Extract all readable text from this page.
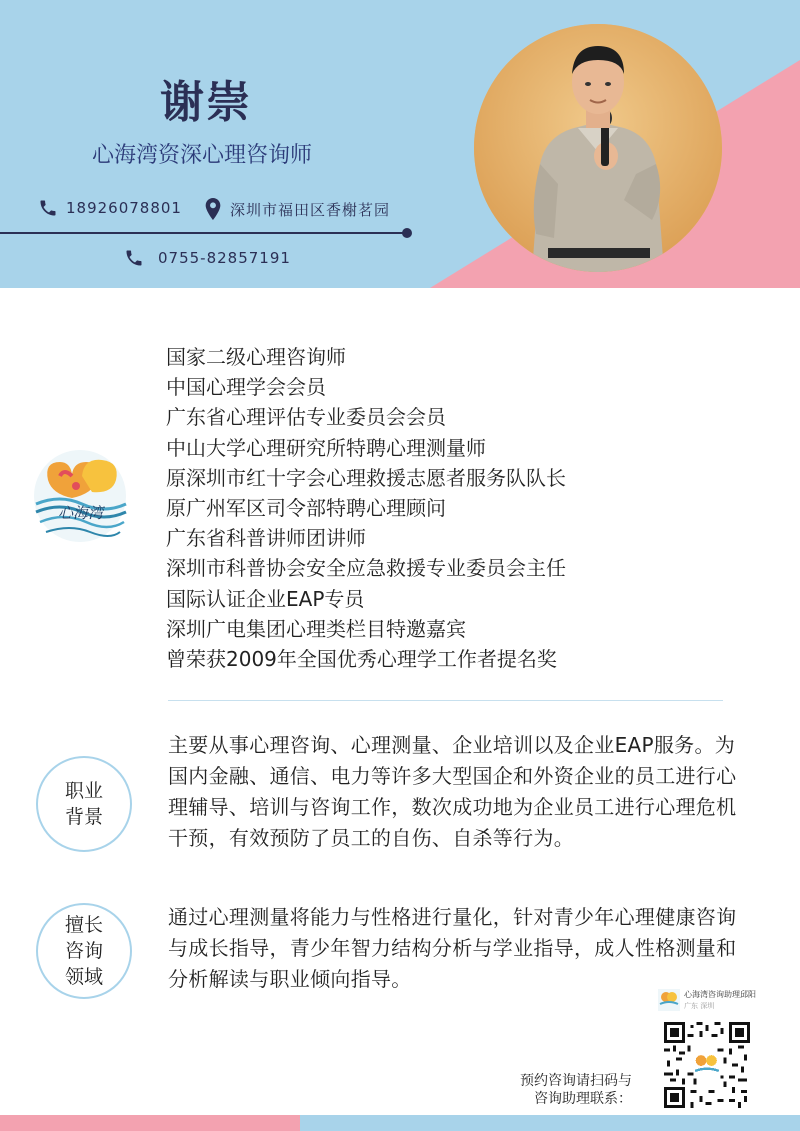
谢崇
心海湾资深心理咨询师
18926078801	深圳市福田区香榭茗园
0755-82857191
心海湾
国家二级心理咨询师
中国心理学会会员
广东省心理评估专业委员会会员
中山大学心理研究所特聘心理测量师
原深圳市红十字会心理救援志愿者服务队队长
原广州军区司令部特聘心理顾问
广东省科普讲师团讲师
深圳市科普协会安全应急救援专业委员会主任
国际认证企业EAP专员
深圳广电集团心理类栏目特邀嘉宾
曾荣获2009年全国优秀心理学工作者提名奖
职业
背景
主要从事心理咨询、心理测量、企业培训以及企业EAP服务。为国内金融、通信、电力等许多大型国企和外资企业的员工进行心理辅导、培训与咨询工作，数次成功地为企业员工进行心理危机干预，有效预防了员工的自伤、自杀等行为。
擅长
咨询
领域
通过心理测量将能力与性格进行量化，针对青少年心理健康咨询与成长指导，青少年智力结构分析与学业指导，成人性格测量和分析解读与职业倾向指导。
心海湾咨询助理邱阳
广东 深圳
预约咨询请扫码与
咨询助理联系：
